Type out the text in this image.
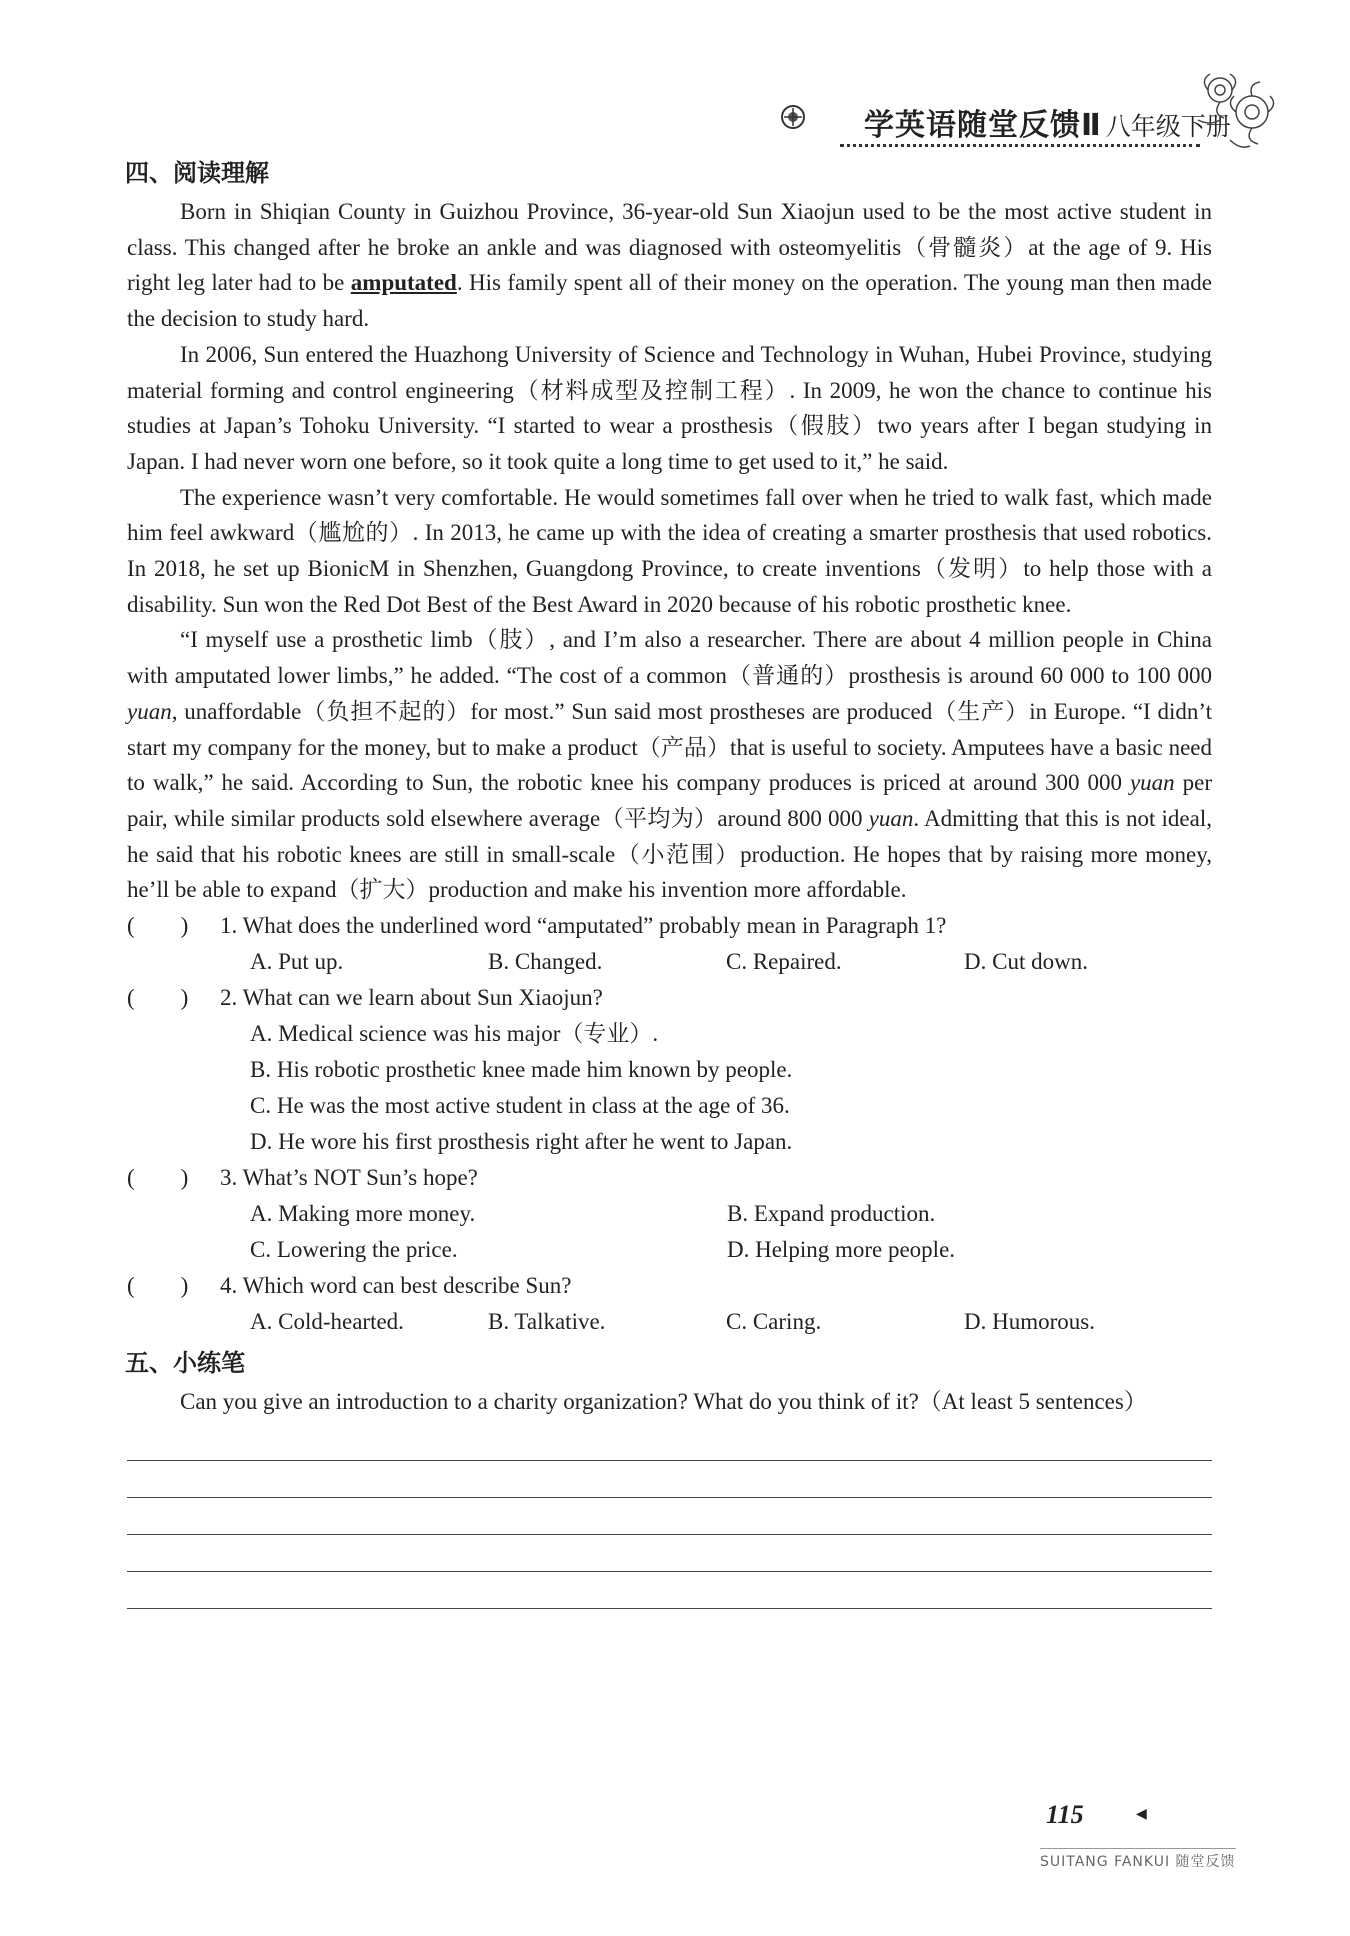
学英语随堂反馈Ⅱ 八年级下册
四、阅读理解

Born in Shiqian County in Guizhou Province, 36-year-old Sun Xiaojun used to be the most active student in class. This changed after he broke an ankle and was diagnosed with osteomyelitis（骨髓炎）at the age of 9. His right leg later had to be amputated. His family spent all of their money on the operation. The young man then made the decision to study hard.

In 2006, Sun entered the Huazhong University of Science and Technology in Wuhan, Hubei Province, studying material forming and control engineering（材料成型及控制工程）. In 2009, he won the chance to continue his studies at Japan’s Tohoku University. “I started to wear a prosthesis（假肢）two years after I began studying in Japan. I had never worn one before, so it took quite a long time to get used to it,” he said.

The experience wasn’t very comfortable. He would sometimes fall over when he tried to walk fast, which made him feel awkward（尴尬的）. In 2013, he came up with the idea of creating a smarter prosthesis that used robotics. In 2018, he set up BionicM in Shenzhen, Guangdong Province, to create inventions（发明）to help those with a disability. Sun won the Red Dot Best of the Best Award in 2020 because of his robotic prosthetic knee.

“I myself use a prosthetic limb（肢）, and I’m also a researcher. There are about 4 million people in China with amputated lower limbs,” he added. “The cost of a common（普通的）prosthesis is around 60 000 to 100 000 yuan, unaffordable（负担不起的）for most.” Sun said most prostheses are produced（生产）in Europe. “I didn’t start my company for the money, but to make a product（产品）that is useful to society. Amputees have a basic need to walk,” he said. According to Sun, the robotic knee his company produces is priced at around 300 000 yuan per pair, while similar products sold elsewhere average（平均为）around 800 000 yuan. Admitting that this is not ideal, he said that his robotic knees are still in small-scale（小范围）production. He hopes that by raising more money, he’ll be able to expand（扩大）production and make his invention more affordable.

(　　) 1. What does the underlined word “amputated” probably mean in Paragraph 1?
A. Put up.	B. Changed.	C. Repaired.	D. Cut down.
(　　) 2. What can we learn about Sun Xiaojun?
A. Medical science was his major（专业）.
B. His robotic prosthetic knee made him known by people.
C. He was the most active student in class at the age of 36.
D. He wore his first prosthesis right after he went to Japan.
(　　) 3. What’s NOT Sun’s hope?
A. Making more money.	B. Expand production.
C. Lowering the price.	D. Helping more people.
(　　) 4. Which word can best describe Sun?
A. Cold-hearted.	B. Talkative.	C. Caring.	D. Humorous.
五、小练笔

Can you give an introduction to a charity organization? What do you think of it?（At least 5 sentences）

115	◀
SUITANG FANKUI 随堂反馈
